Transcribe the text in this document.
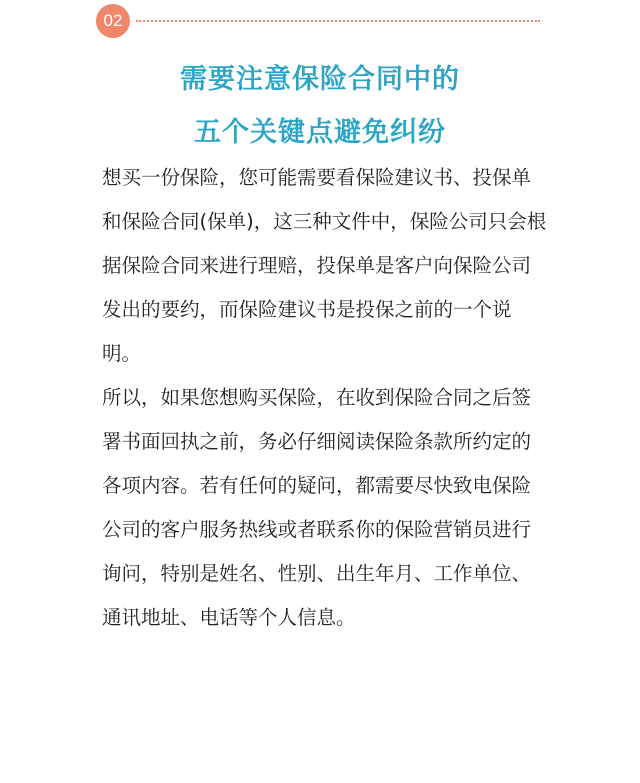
02
需要注意保险合同中的
五个关键点避免纠纷
想买一份保险，您可能需要看保险建议书、投保单
和保险合同(保单)，这三种文件中，保险公司只会根
据保险合同来进行理赔，投保单是客户向保险公司
发出的要约，而保险建议书是投保之前的一个说
明。
所以，如果您想购买保险，在收到保险合同之后签
署书面回执之前，务必仔细阅读保险条款所约定的
各项内容。若有任何的疑问，都需要尽快致电保险
公司的客户服务热线或者联系你的保险营销员进行
询问，特别是姓名、性别、出生年月、工作单位、
通讯地址、电话等个人信息。
